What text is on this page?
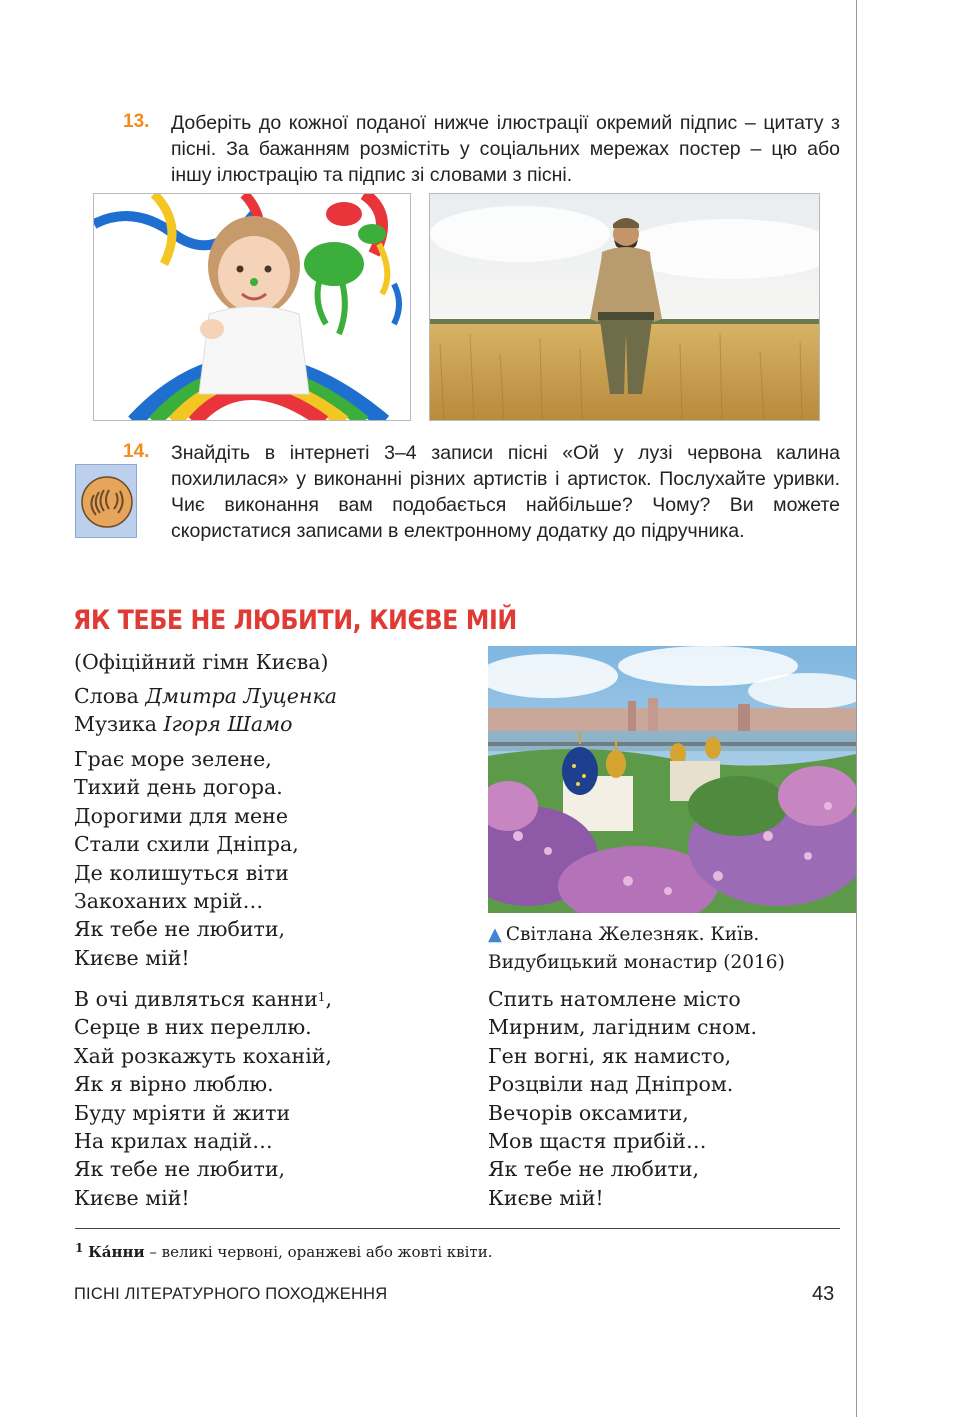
13. Доберіть до кожної поданої нижче ілюстрації окремий підпис – цитату з пісні. За бажанням розмістіть у соціальних мережах постер – цю або іншу ілюстрацію та підпис зі словами з пісні.

14. Знайдіть в інтернеті 3–4 записи пісні «Ой у лузі червона калина похилилася» у виконанні різних артистів і артисток. Послухайте уривки. Чиє виконання вам подобається найбільше? Чому? Ви можете скористатися записами в електронному додатку до підручника.

ЯК ТЕБЕ НЕ ЛЮБИТИ, КИЄВЕ МІЙ
(Офіційний гімн Києва)
Слова Дмитра Луценка
Музика Ігоря Шамо
Грає море зелене,
Тихий день догора.
Дорогими для мене
Стали схили Дніпра,
Де колишуться віти
Закоханих мрій…
Як тебе не любити,
Києве мій!
В очі дивляться канни$^1$,
Серце в них переллю.
Хай розкажуть коханій,
Як я вірно люблю.
Буду мріяти й жити
На крилах надій…
Як тебе не любити,
Києве мій!
▲ Світлана Железняк. Київ.
Видубицький монастир (2016)
Спить натомлене місто
Мирним, лагідним сном.
Ген вогні, як намисто,
Розцвіли над Дніпром.
Вечорів оксамити,
Мов щастя прибій…
Як тебе не любити,
Києве мій!
$^1$ Ка́нни – великі червоні, оранжеві або жовті квіти.
ПІСНІ ЛІТЕРАТУРНОГО ПОХОДЖЕННЯ	43
